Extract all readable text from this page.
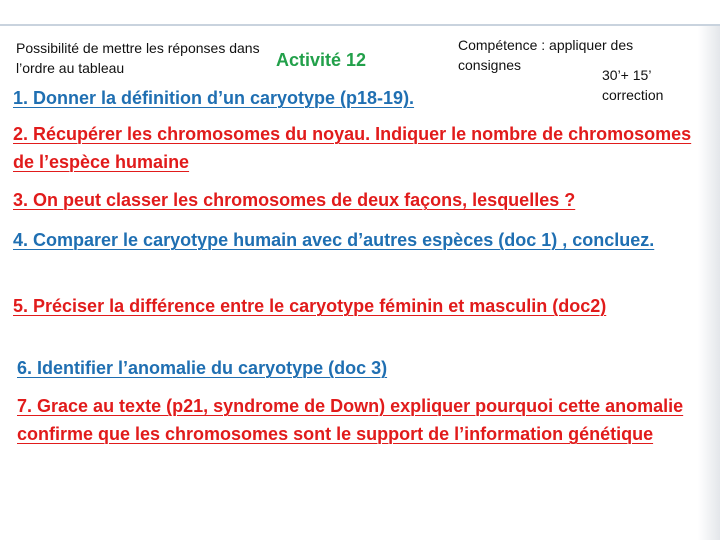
Possibilité de mettre les réponses dans l’ordre au tableau	Activité 12

Compétence : appliquer des consignes

30’+ 15’ correction

1. Donner la définition d’un caryotype (p18-19).

2. Récupérer les chromosomes du noyau. Indiquer le nombre de chromosomes de l’espèce humaine

3. On peut classer les chromosomes de deux façons, lesquelles ?

4. Comparer le caryotype humain avec d’autres espèces (doc 1) , concluez.

5. Préciser la différence entre le caryotype féminin et masculin (doc2)

6. Identifier l’anomalie du caryotype (doc 3)

7. Grace au texte (p21, syndrome de Down) expliquer pourquoi cette anomalie confirme que les chromosomes sont le support de l’information génétique
